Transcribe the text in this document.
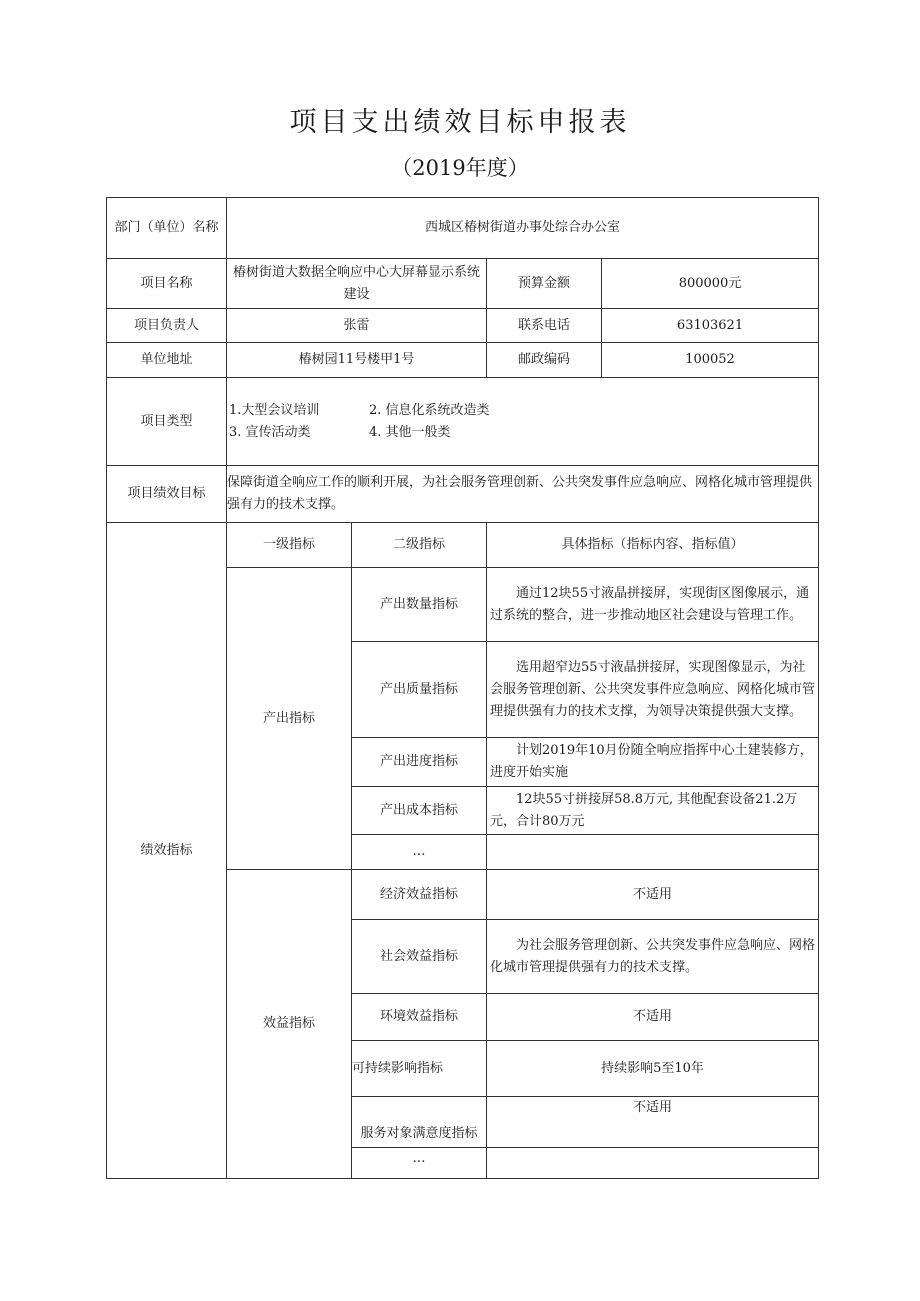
项目支出绩效目标申报表
（2019年度）
部门（单位）名称	西城区椿树街道办事处综合办公室			
项目名称	椿树街道大数据全响应中心大屏幕显示系统建设		预算金额	800000元
项目负责人	张雷		联系电话	63103621
单位地址	椿树园11号楼甲1号		邮政编码	100052
项目类型	1.大型会议培训 2. 信息化系统改造类
3. 宣传活动类 4. 其他一般类			

项目绩效目标	保障街道全响应工作的顺利开展，为社会服务管理创新、公共突发事件应急响应、网格化城市管理提供强有力的技术支撑。			
绩效指标	一级指标	二级指标	具体指标（指标内容、指标值）	
	产出指标	产出数量指标	通过12块55寸液晶拼接屏，实现街区图像展示，通过系统的整合，进一步推动地区社会建设与管理工作。	
		产出质量指标	选用超窄边55寸液晶拼接屏，实现图像显示，为社会服务管理创新、公共突发事件应急响应、网格化城市管理提供强有力的技术支撑，为领导决策提供强大支撑。	
		产出进度指标	计划2019年10月份随全响应指挥中心土建装修方，进度开始实施	
		产出成本指标	12块55寸拼接屏58.8万元, 其他配套设备21.2万元，合计80万元	
		…		
	效益指标	经济效益指标	不适用	
		社会效益指标	为社会服务管理创新、公共突发事件应急响应、网格化城市管理提供强有力的技术支撑。	
		环境效益指标	不适用	
		可持续影响指标	持续影响5至10年	
		服务对象满意度指标	不适用	
		…		
